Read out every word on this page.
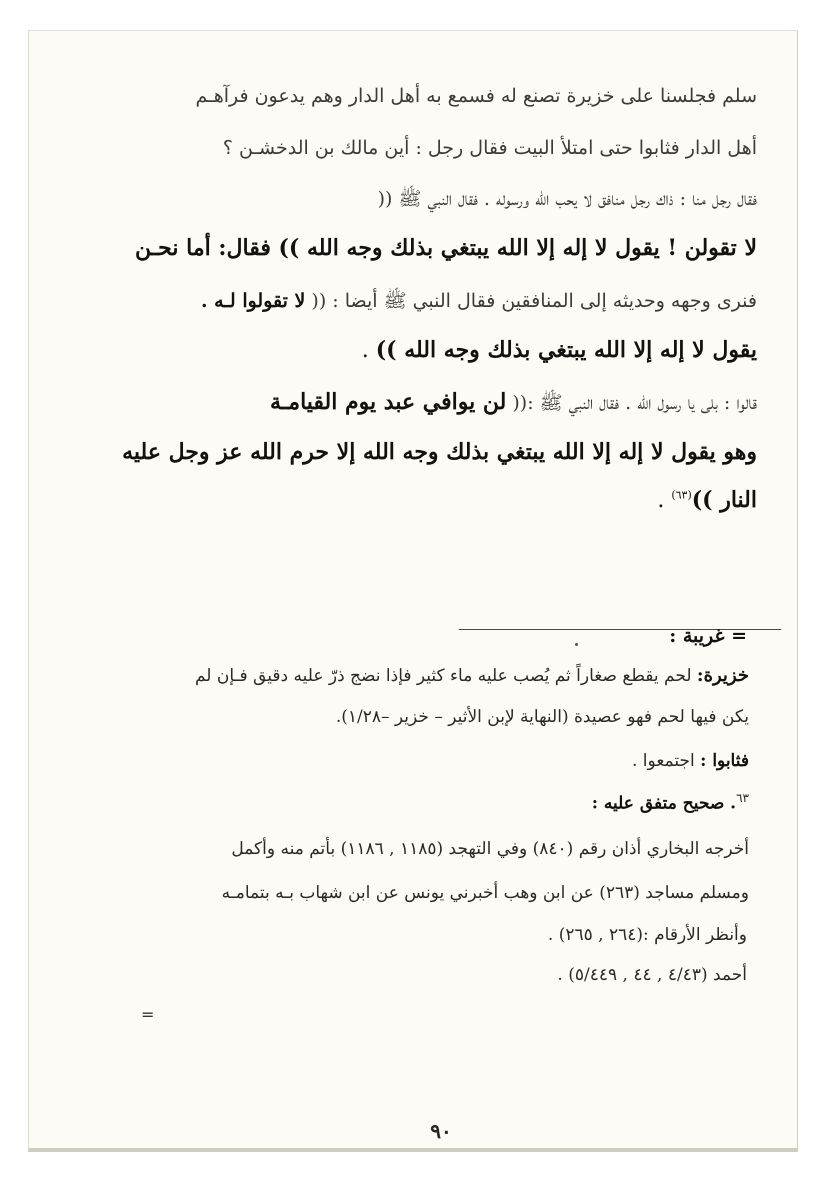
سلم فجلسنا على خزيرة تصنع له فسمع به أهل الدار وهم يدعون فرآهـم
أهل الدار فثابوا حتى امتلأ البيت فقال رجل : أين مالك بن الدخشـن ؟
فقال رجل منا : ذاك رجل منافق لا يحب الله ورسوله . فقال النبي ﷺ ((
لا تقولن ! يقول لا إله إلا الله يبتغي بذلك وجه الله )) فقال: أما نحـن
فنرى وجهه وحديثه إلى المنافقين فقال النبي ﷺ أيضا : (( لا تقولوا لـه .
يقول لا إله إلا الله يبتغي بذلك وجه الله )) .
قالوا : بلى يا رسول الله . فقال النبي ﷺ :(( لن يوافي عبد يوم القيامـة
وهو يقول لا إله إلا الله يبتغي بذلك وجه الله إلا حرم الله عز وجل عليه
النار ))$^{(٦٣)}$ .
= غريبة :
خزيرة: لحم يقطع صغاراً ثم يُصب عليه ماء كثير فإذا نضج ذرّ عليه دقيق فـإن لم
يكن فيها لحم فهو عصيدة (النهاية لإبن الأثير – خزير –١/٢٨).
فثابوا : اجتمعوا .
$^{٦٣}$. صحيح متفق عليه :
أخرجه البخاري أذان رقم (٨٤٠) وفي التهجد (١١٨٥ , ١١٨٦) بأتم منه وأكمل
ومسلم مساجد (٢٦٣) عن ابن وهب أخبرني يونس عن ابن شهاب بـه بتمامـه
وأنظر الأرقام :(٢٦٤ , ٢٦٥) .
أحمد (٤/٤٣ , ٤٤ , ٥/٤٤٩) .
=
٩٠
